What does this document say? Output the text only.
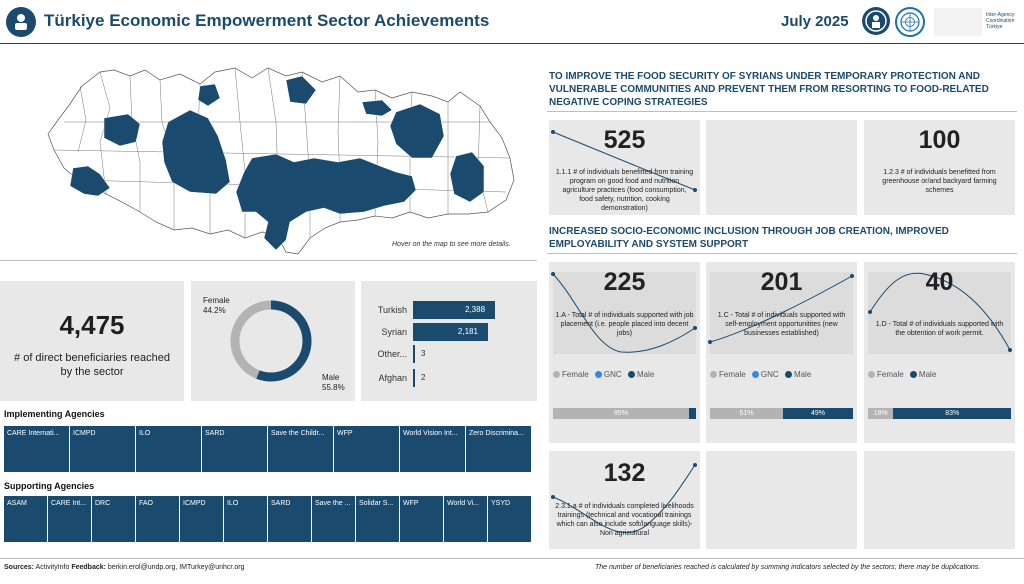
Türkiye Economic Empowerment Sector Achievements	July 2025	Inter-Agency Coordination Türkiye
Hover on the map to see more details.
4,475
# of direct beneficiaries reached by the sector
Female
44.2%
Male
55.8%
Turkish	2,388
Syrian	2,181
Other... 3
Afghan 2
Implementing Agencies
CARE Internati...	ICMPD	ILO	SARD	Save the Childr...	WFP	World Vision Int...	Zero Discrimina...
Supporting Agencies
ASAM	CARE Int...	DRC	FAO	ICMPD	ILO	SARD	Save the ...	Solidar S...	WFP	World Vi...	YSYD
Sources: ActivityInfo Feedback: berkin.erol@undp.org, IMTurkey@unhcr.org	The number of beneficiaries reached is calculated by summing indicators selected by the sectors; there may be duplications.
TO IMPROVE THE FOOD SECURITY OF SYRIANS UNDER TEMPORARY PROTECTION AND VULNERABLE COMMUNITIES AND PREVENT THEM FROM RESORTING TO FOOD-RELATED NEGATIVE COPING STRATEGIES
525
1.1.1 # of individuals benefitted from training program on good food and nutrition agriculture practices (food consumption, food safety, nutrition, cooking demonstration)
100
1.2.3 # of individuals benefitted from greenhouse or/and backyard farming schemes
INCREASED SOCIO-ECONOMIC INCLUSION THROUGH JOB CREATION, IMPROVED EMPLOYABILITY AND SYSTEM SUPPORT
225
1.A - Total # of individuals supported with job placement (i.e. people placed into decent jobs)
Female GNC Male
95%
201
1.C - Total # of individuals supported with self-employment opportunitites (new businesses established)
Female GNC Male
51%	49%
40
1.D - Total # of individuals supported with the obtention of work permit.
Female Male
18%	83%
132
2.3.1.a # of individuals completed livelihoods trainings (technical and vocational trainings which can also include soft/language skills)- Non agricultural
